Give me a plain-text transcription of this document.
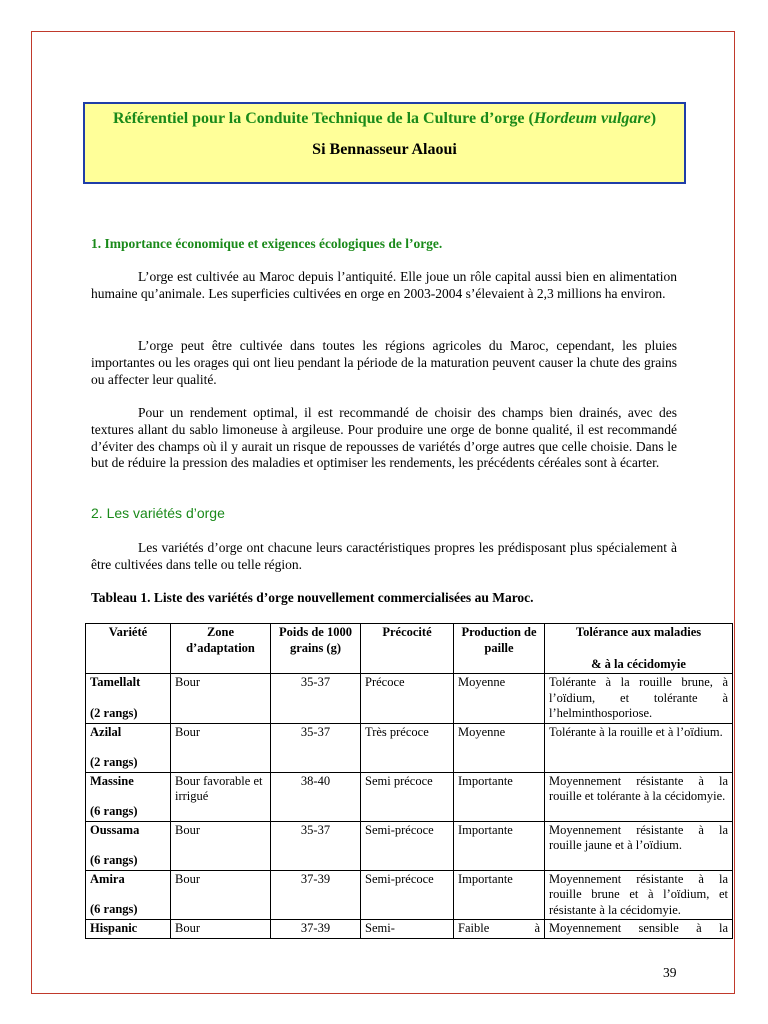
Référentiel pour la Conduite Technique de la Culture d’orge (Hordeum vulgare)
Si Bennasseur Alaoui
1. Importance économique et exigences écologiques de l’orge.
L’orge est cultivée au Maroc depuis l’antiquité. Elle joue un rôle capital aussi bien en alimentation humaine qu’animale. Les superficies cultivées en orge en 2003-2004 s’élevaient à 2,3 millions ha environ.
L’orge peut être cultivée dans toutes les régions agricoles du Maroc, cependant, les pluies importantes ou les orages qui ont lieu pendant la période de la maturation peuvent causer la chute des grains ou affecter leur qualité.
Pour un rendement optimal, il est recommandé de choisir des champs bien drainés, avec des textures allant du sablo limoneuse à argileuse. Pour produire une orge de bonne qualité, il est recommandé d’éviter des champs où il y aurait un risque de repousses de variétés d’orge autres que celle choisie. Dans le but de réduire la pression des maladies et optimiser les rendements, les précédents céréales sont à écarter.
2. Les variétés d’orge
Les variétés d’orge ont chacune leurs caractéristiques propres les prédisposant plus spécialement à être cultivées dans telle ou telle région.
Tableau 1. Liste des variétés d’orge nouvellement commercialisées au Maroc.
Variété	Zone d’adaptation	Poids de 1000 grains (g)	Précocité	Production de paille	Tolérance aux maladies
& à la cécidomyie

Tamellalt
(2 rangs)	Bour	35-37	Précoce	Moyenne	Tolérante à la rouille brune, à l’oïdium, et tolérante à l’helminthosporiose.
Azilal
(2 rangs)	Bour	35-37	Très précoce	Moyenne	Tolérante à la rouille et à l’oïdium.
Massine
(6 rangs)	Bour favorable et irrigué	38-40	Semi précoce	Importante	Moyennement résistante à la rouille et tolérante à la cécidomyie.
Oussama
(6 rangs)	Bour	35-37	Semi-précoce	Importante	Moyennement résistante à la rouille jaune et à l’oïdium.
Amira
(6 rangs)	Bour	37-39	Semi-précoce	Importante	Moyennement résistante à la rouille brune et à l’oïdium, et résistante à la cécidomyie.
Hispanic	Bour	37-39	Semi-	Faible à	Moyennement sensible à la
39
